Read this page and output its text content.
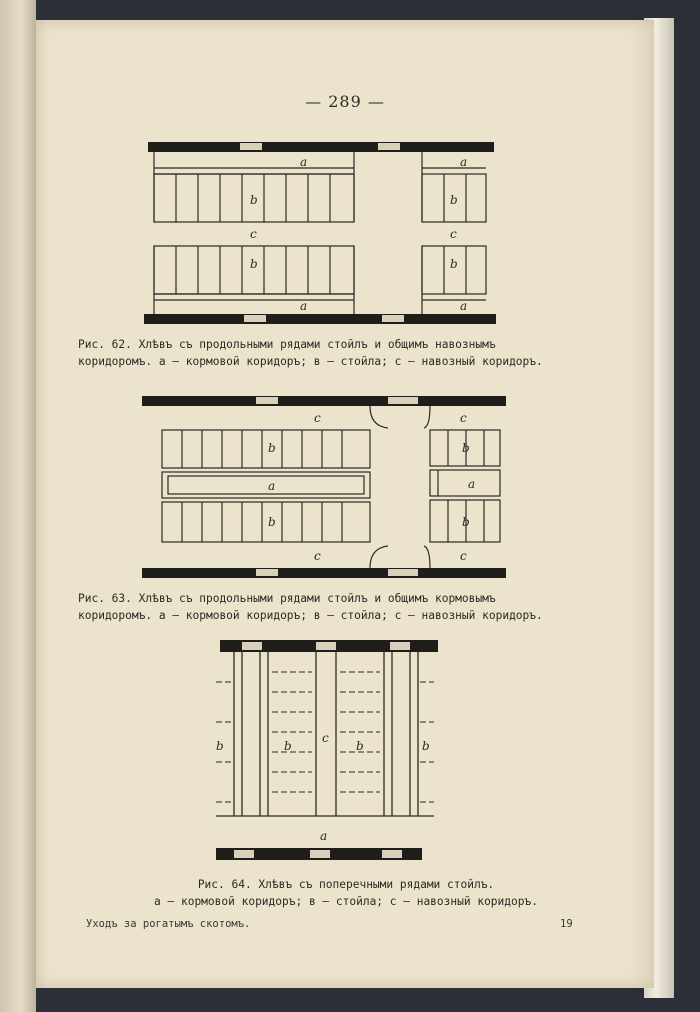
— 289 —
a	a
b	b
c	c
b	b
a	a
Рис. 62. Хлѣвъ съ продольными рядами стойлъ и общимъ навознымъ
коридоромъ. a — кормовой коридоръ; в — стойла; c — навозный коридоръ.
c	c
b	b
a	a
b	b
c	c
Рис. 63. Хлѣвъ съ продольными рядами стойлъ и общимъ кормовымъ
коридоромъ. a — кормовой коридоръ; в — стойла; c — навозный коридоръ.
b	b
c
b	b
a
Рис. 64. Хлѣвъ съ поперечными рядами стойлъ.
a — кормовой коридоръ; в — стойла; c — навозный коридоръ.
Уходъ за рогатымъ скотомъ.	19
